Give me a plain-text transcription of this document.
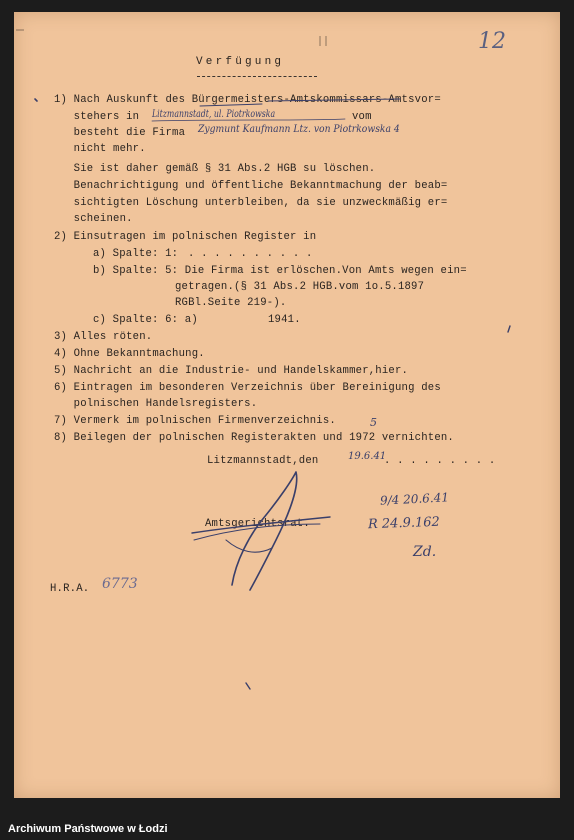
12
Verfügung
1) Nach Auskunft des Bürgermeisters-Amtskommissars-Amtsvor=
stehers in Litzmannstadt, ul. Piotrkowska	vom
besteht die Firma Zygmunt Kaufmann Ltz. von Piotrkowska 4
nicht mehr.
Sie ist daher gemäß § 31 Abs.2 HGB su löschen.
Benachrichtigung und öffentliche Bekanntmachung der beab=
sichtigten Löschung unterbleiben, da sie unzweckmäßig er=
scheinen.
2) Einsutragen im polnischen Register in
a) Spalte: 1: . . . . . . . . . .
b) Spalte: 5: Die Firma ist erlöschen.Von Amts wegen ein=
getragen.(§ 31 Abs.2 HGB.vom 1o.5.1897
RGBl.Seite 219-).
c) Spalte: 6: a)	1941.
3) Alles röten.
4) Ohne Bekanntmachung.
5) Nachricht an die Industrie- und Handelskammer,hier.
6) Eintragen im besonderen Verzeichnis über Bereinigung des
polnischen Handelsregisters.
7) Vermerk im polnischen Firmenverzeichnis.
8) Beilegen der polnischen Registerakten und 1972 vernichten.
5
Litzmannstadt,den	19.6.41
. . . . . . . . .
Amtsgerichtsrat.
9/4 20.6.41
R 24.9.162
Zd.
H.R.A. 6773
Archiwum Państwowe w Łodzi
